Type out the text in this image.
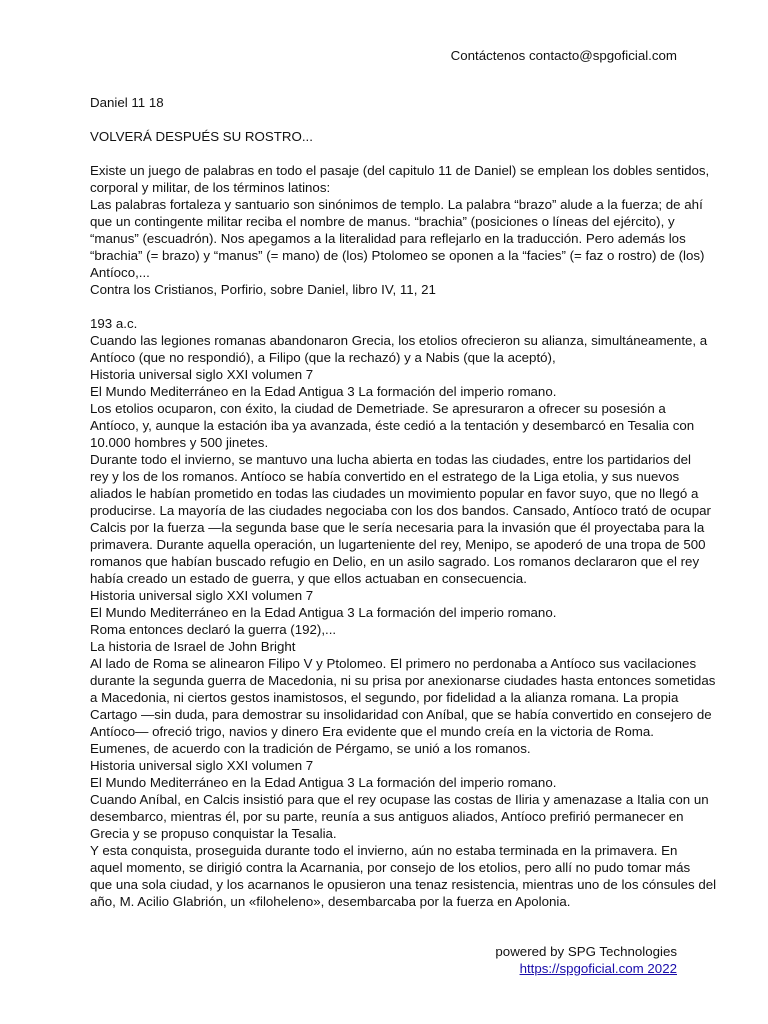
Contáctenos contacto@spgoficial.com
Daniel 11 18
VOLVERÁ DESPUÉS SU ROSTRO...
Existe un juego de palabras en todo el pasaje (del capitulo 11 de Daniel) se emplean los dobles sentidos,
corporal y militar, de los términos latinos:
Las palabras fortaleza y santuario son sinónimos de templo. La palabra “brazo” alude a la fuerza; de ahí
que un contingente militar reciba el nombre de manus. “brachia” (posiciones o líneas del ejército), y
“manus” (escuadrón). Nos apegamos a la literalidad para reflejarlo en la traducción. Pero además los
“brachia” (= brazo) y “manus” (= mano) de (los) Ptolomeo se oponen a la “facies” (= faz o rostro) de (los)
Antíoco,...
Contra los Cristianos, Porfirio, sobre Daniel, libro IV, 11, 21
193 a.c.
Cuando las legiones romanas abandonaron Grecia, los etolios ofrecieron su alianza, simultáneamente, a
Antíoco (que no respondió), a Filipo (que la rechazó) y a Nabis (que la aceptó),
Historia universal siglo XXI volumen 7
El Mundo Mediterráneo en la Edad Antigua 3 La formación del imperio romano.
Los etolios ocuparon, con éxito, la ciudad de Demetriade. Se apresuraron a ofrecer su posesión a
Antíoco, y, aunque la estación iba ya avanzada, éste cedió a la tentación y desembarcó en Tesalia con
10.000 hombres y 500 jinetes.
Durante todo el invierno, se mantuvo una lucha abierta en todas las ciudades, entre los partidarios del
rey y los de los romanos. Antíoco se había convertido en el estratego de la Liga etolia, y sus nuevos
aliados le habían prometido en todas las ciudades un movimiento popular en favor suyo, que no llegó a
producirse. La mayoría de las ciudades negociaba con los dos bandos. Cansado, Antíoco trató de ocupar
Calcis por Ia fuerza —la segunda base que le sería necesaria para la invasión que él proyectaba para la
primavera. Durante aquella operación, un lugarteniente del rey, Menipo, se apoderó de una tropa de 500
romanos que habían buscado refugio en Delio, en un asilo sagrado. Los romanos declararon que el rey
había creado un estado de guerra, y que ellos actuaban en consecuencia.
Historia universal siglo XXI volumen 7
El Mundo Mediterráneo en la Edad Antigua 3 La formación del imperio romano.
Roma entonces declaró la guerra (192),...
La historia de Israel de John Bright
Al lado de Roma se alinearon Filipo V y Ptolomeo. El primero no perdonaba a Antíoco sus vacilaciones
durante la segunda guerra de Macedonia, ni su prisa por anexionarse ciudades hasta entonces sometidas
a Macedonia, ni ciertos gestos inamistosos, el segundo, por fidelidad a la alianza romana. La propia
Cartago —sin duda, para demostrar su insolidaridad con Aníbal, que se había convertido en consejero de
Antíoco— ofreció trigo, navios y dinero Era evidente que el mundo creía en la victoria de Roma.
Eumenes, de acuerdo con la tradición de Pérgamo, se unió a los romanos.
Historia universal siglo XXI volumen 7
El Mundo Mediterráneo en la Edad Antigua 3 La formación del imperio romano.
Cuando Aníbal, en Calcis insistió para que el rey ocupase las costas de Iliria y amenazase a Italia con un
desembarco, mientras él, por su parte, reunía a sus antiguos aliados, Antíoco prefirió permanecer en
Grecia y se propuso conquistar la Tesalia.
Y esta conquista, proseguida durante todo el invierno, aún no estaba terminada en la primavera. En
aquel momento, se dirigió contra la Acarnania, por consejo de los etolios, pero allí no pudo tomar más
que una sola ciudad, y los acarnanos le opusieron una tenaz resistencia, mientras uno de los cónsules del
año, M. Acilio Glabrión, un «filoheleno», desembarcaba por la fuerza en Apolonia.
powered by SPG Technologies
https://spgoficial.com 2022
